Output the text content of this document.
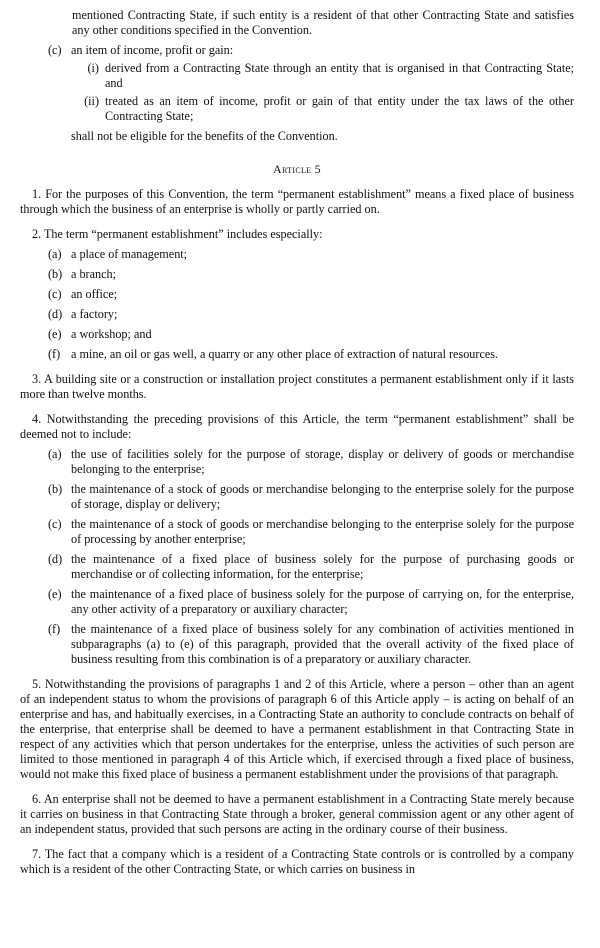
mentioned Contracting State, if such entity is a resident of that other Contracting State and satisfies any other conditions specified in the Convention.

(c) an item of income, profit or gain:
(i) derived from a Contracting State through an entity that is organised in that Contracting State; and
(ii) treated as an item of income, profit or gain of that entity under the tax laws of the other Contracting State;

shall not be eligible for the benefits of the Convention.

Article 5

1. For the purposes of this Convention, the term “permanent establishment” means a fixed place of business through which the business of an enterprise is wholly or partly carried on.

2. The term “permanent establishment” includes especially:

(a) a place of management;
(b) a branch;
(c) an office;
(d) a factory;
(e) a workshop; and
(f) a mine, an oil or gas well, a quarry or any other place of extraction of natural resources.

3. A building site or a construction or installation project constitutes a permanent establishment only if it lasts more than twelve months.

4. Notwithstanding the preceding provisions of this Article, the term “permanent establishment” shall be deemed not to include:

(a) the use of facilities solely for the purpose of storage, display or delivery of goods or merchandise belonging to the enterprise;
(b) the maintenance of a stock of goods or merchandise belonging to the enterprise solely for the purpose of storage, display or delivery;
(c) the maintenance of a stock of goods or merchandise belonging to the enterprise solely for the purpose of processing by another enterprise;
(d) the maintenance of a fixed place of business solely for the purpose of purchasing goods or merchandise or of collecting information, for the enterprise;
(e) the maintenance of a fixed place of business solely for the purpose of carrying on, for the enterprise, any other activity of a preparatory or auxiliary character;
(f) the maintenance of a fixed place of business solely for any combination of activities mentioned in subparagraphs (a) to (e) of this paragraph, provided that the overall activity of the fixed place of business resulting from this combination is of a preparatory or auxiliary character.

5. Notwithstanding the provisions of paragraphs 1 and 2 of this Article, where a person – other than an agent of an independent status to whom the provisions of paragraph 6 of this Article apply – is acting on behalf of an enterprise and has, and habitually exercises, in a Contracting State an authority to conclude contracts on behalf of the enterprise, that enterprise shall be deemed to have a permanent establishment in that Contracting State in respect of any activities which that person undertakes for the enterprise, unless the activities of such person are limited to those mentioned in paragraph 4 of this Article which, if exercised through a fixed place of business, would not make this fixed place of business a permanent establishment under the provisions of that paragraph.

6. An enterprise shall not be deemed to have a permanent establishment in a Contracting State merely because it carries on business in that Contracting State through a broker, general commission agent or any other agent of an independent status, provided that such persons are acting in the ordinary course of their business.

7. The fact that a company which is a resident of a Contracting State controls or is controlled by a company which is a resident of the other Contracting State, or which carries on business in
